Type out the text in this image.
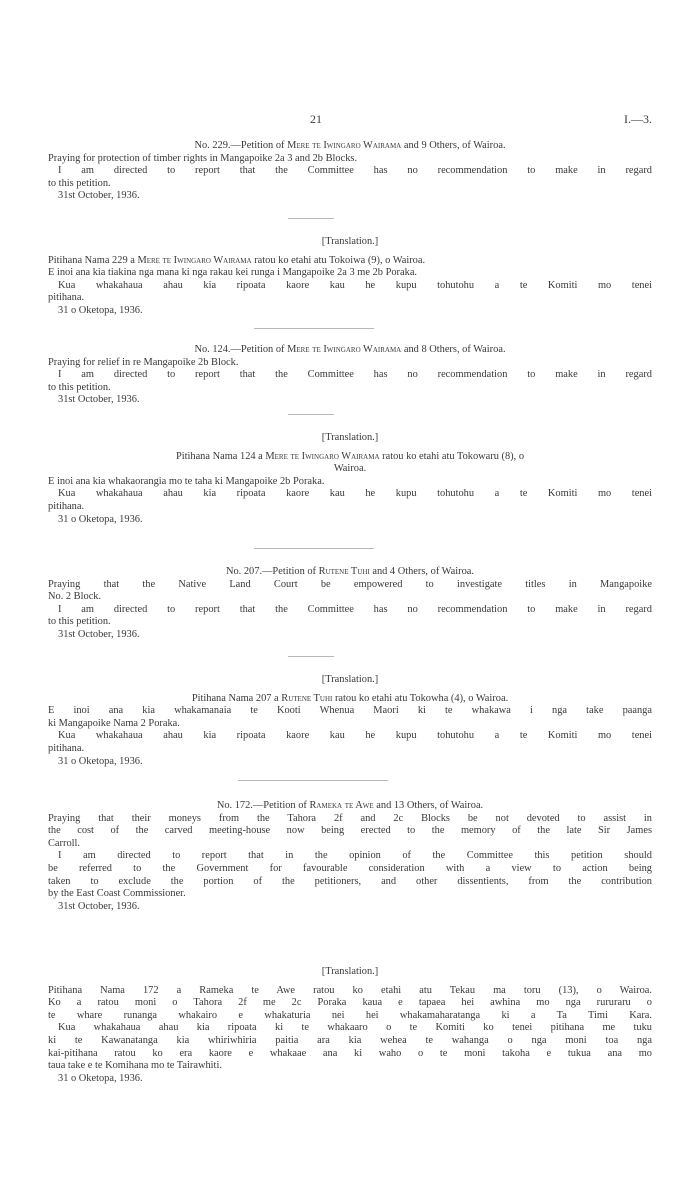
21	I.—3.
No. 229.—Petition of Mere te Iwingaro Wairama and 9 Others, of Wairoa.
Praying for protection of timber rights in Mangapoike 2a 3 and 2b Blocks.
I am directed to report that the Committee has no recommendation to make in regard
to this petition.
31st October, 1936.
[Translation.]
Pitihana Nama 229 a Mere te Iwingaro Wairama ratou ko etahi atu Tokoiwa (9), o Wairoa.
E inoi ana kia tiakina nga mana ki nga rakau kei runga i Mangapoike 2a 3 me 2b Poraka.
Kua whakahaua ahau kia ripoata kaore kau he kupu tohutohu a te Komiti mo tenei
pitihana.
31 o Oketopa, 1936.
No. 124.—Petition of Mere te Iwingaro Wairama and 8 Others, of Wairoa.
Praying for relief in re Mangapoike 2b Block.
I am directed to report that the Committee has no recommendation to make in regard
to this petition.
31st October, 1936.
[Translation.]
Pitihana Nama 124 a Mere te Iwingaro Wairama ratou ko etahi atu Tokowaru (8), o
Wairoa.
E inoi ana kia whakaorangia mo te taha ki Mangapoike 2b Poraka.
Kua whakahaua ahau kia ripoata kaore kau he kupu tohutohu a te Komiti mo tenei
pitihana.
31 o Oketopa, 1936.
No. 207.—Petition of Rutene Tuhi and 4 Others, of Wairoa.
Praying that the Native Land Court be empowered to investigate titles in Mangapoike
No. 2 Block.
I am directed to report that the Committee has no recommendation to make in regard
to this petition.
31st October, 1936.
[Translation.]
Pitihana Nama 207 a Rutene Tuhi ratou ko etahi atu Tokowha (4), o Wairoa.
E inoi ana kia whakamanaia te Kooti Whenua Maori ki te whakawa i nga take paanga
ki Mangapoike Nama 2 Poraka.
Kua whakahaua ahau kia ripoata kaore kau he kupu tohutohu a te Komiti mo tenei
pitihana.
31 o Oketopa, 1936.
No. 172.—Petition of Rameka te Awe and 13 Others, of Wairoa.
Praying that their moneys from the Tahora 2f and 2c Blocks be not devoted to assist in
the cost of the carved meeting-house now being erected to the memory of the late Sir James
Carroll.
I am directed to report that in the opinion of the Committee this petition should
be referred to the Government for favourable consideration with a view to action being
taken to exclude the portion of the petitioners, and other dissentients, from the contribution
by the East Coast Commissioner.
31st October, 1936.
[Translation.]
Pitihana Nama 172 a Rameka te Awe ratou ko etahi atu Tekau ma toru (13), o Wairoa.
Ko a ratou moni o Tahora 2f me 2c Poraka kaua e tapaea hei awhina mo nga rururaru o
te whare runanga whakairo e whakaturia nei hei whakamaharatanga ki a Ta Timi Kara.
Kua whakahaua ahau kia ripoata ki te whakaaro o te Komiti ko tenei pitihana me tuku
ki te Kawanatanga kia whiriwhiria paitia ara kia wehea te wahanga o nga moni toa nga
kai-pitihana ratou ko era kaore e whakaae ana ki waho o te moni takoha e tukua ana mo
taua take e te Komihana mo te Tairawhiti.
31 o Oketopa, 1936.
